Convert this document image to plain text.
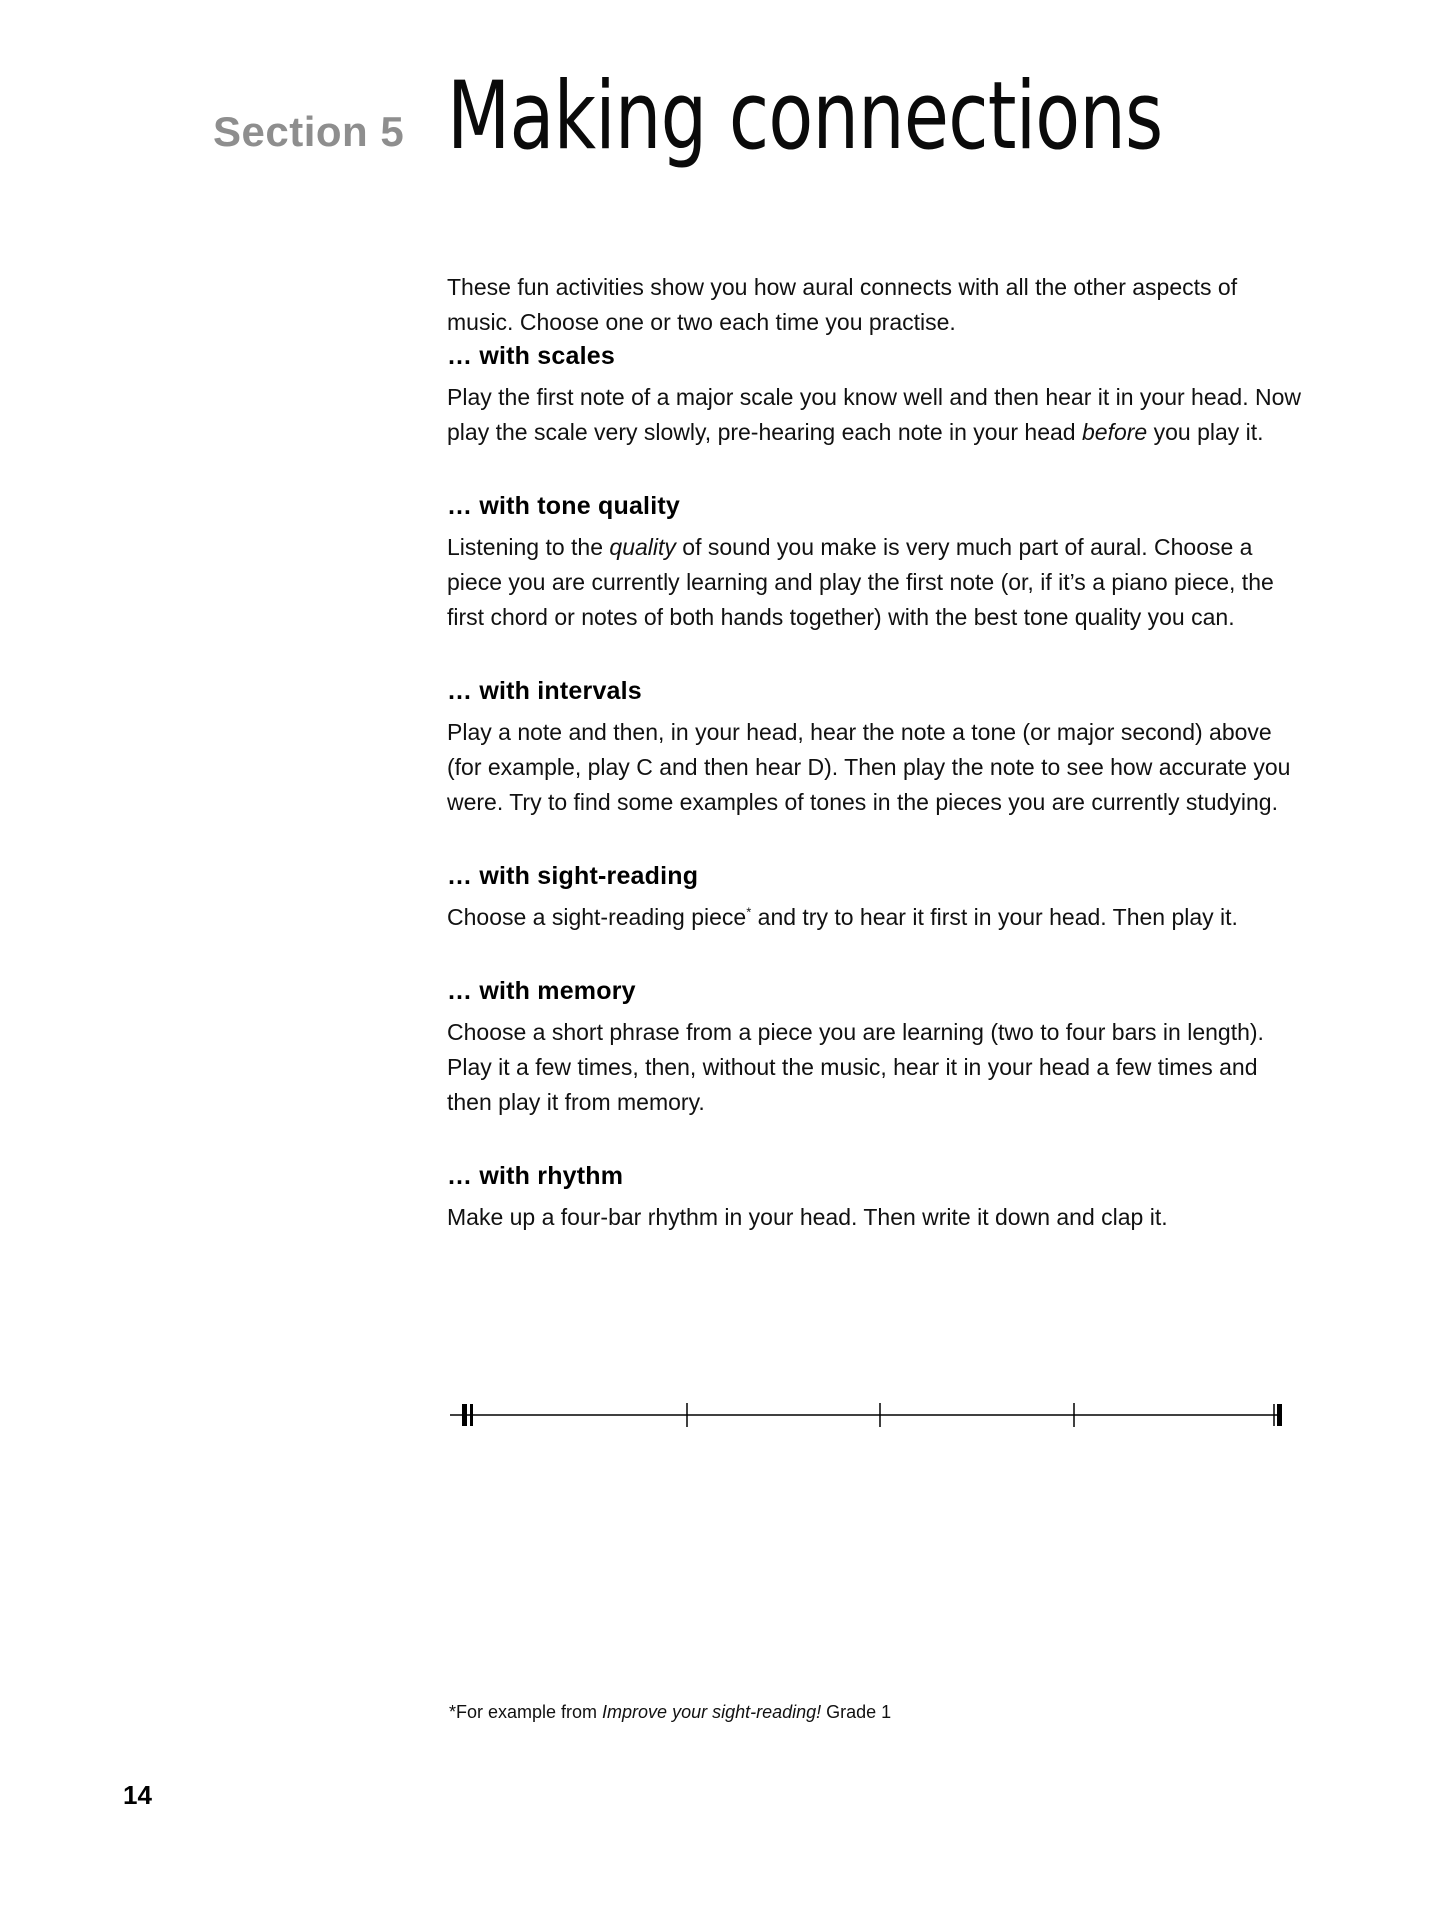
Section 5 Making connections

These fun activities show you how aural connects with all the other aspects of music. Choose one or two each time you practise.

… with scales

Play the first note of a major scale you know well and then hear it in your head. Now play the scale very slowly, pre-hearing each note in your head before you play it.

… with tone quality

Listening to the quality of sound you make is very much part of aural. Choose a piece you are currently learning and play the first note (or, if it’s a piano piece, the first chord or notes of both hands together) with the best tone quality you can.

… with intervals

Play a note and then, in your head, hear the note a tone (or major second) above (for example, play C and then hear D). Then play the note to see how accurate you were. Try to find some examples of tones in the pieces you are currently studying.

… with sight-reading

Choose a sight-reading piece* and try to hear it first in your head. Then play it.

… with memory

Choose a short phrase from a piece you are learning (two to four bars in length). Play it a few times, then, without the music, hear it in your head a few times and then play it from memory.

… with rhythm

Make up a four-bar rhythm in your head. Then write it down and clap it.

*For example from Improve your sight-reading! Grade 1
14
